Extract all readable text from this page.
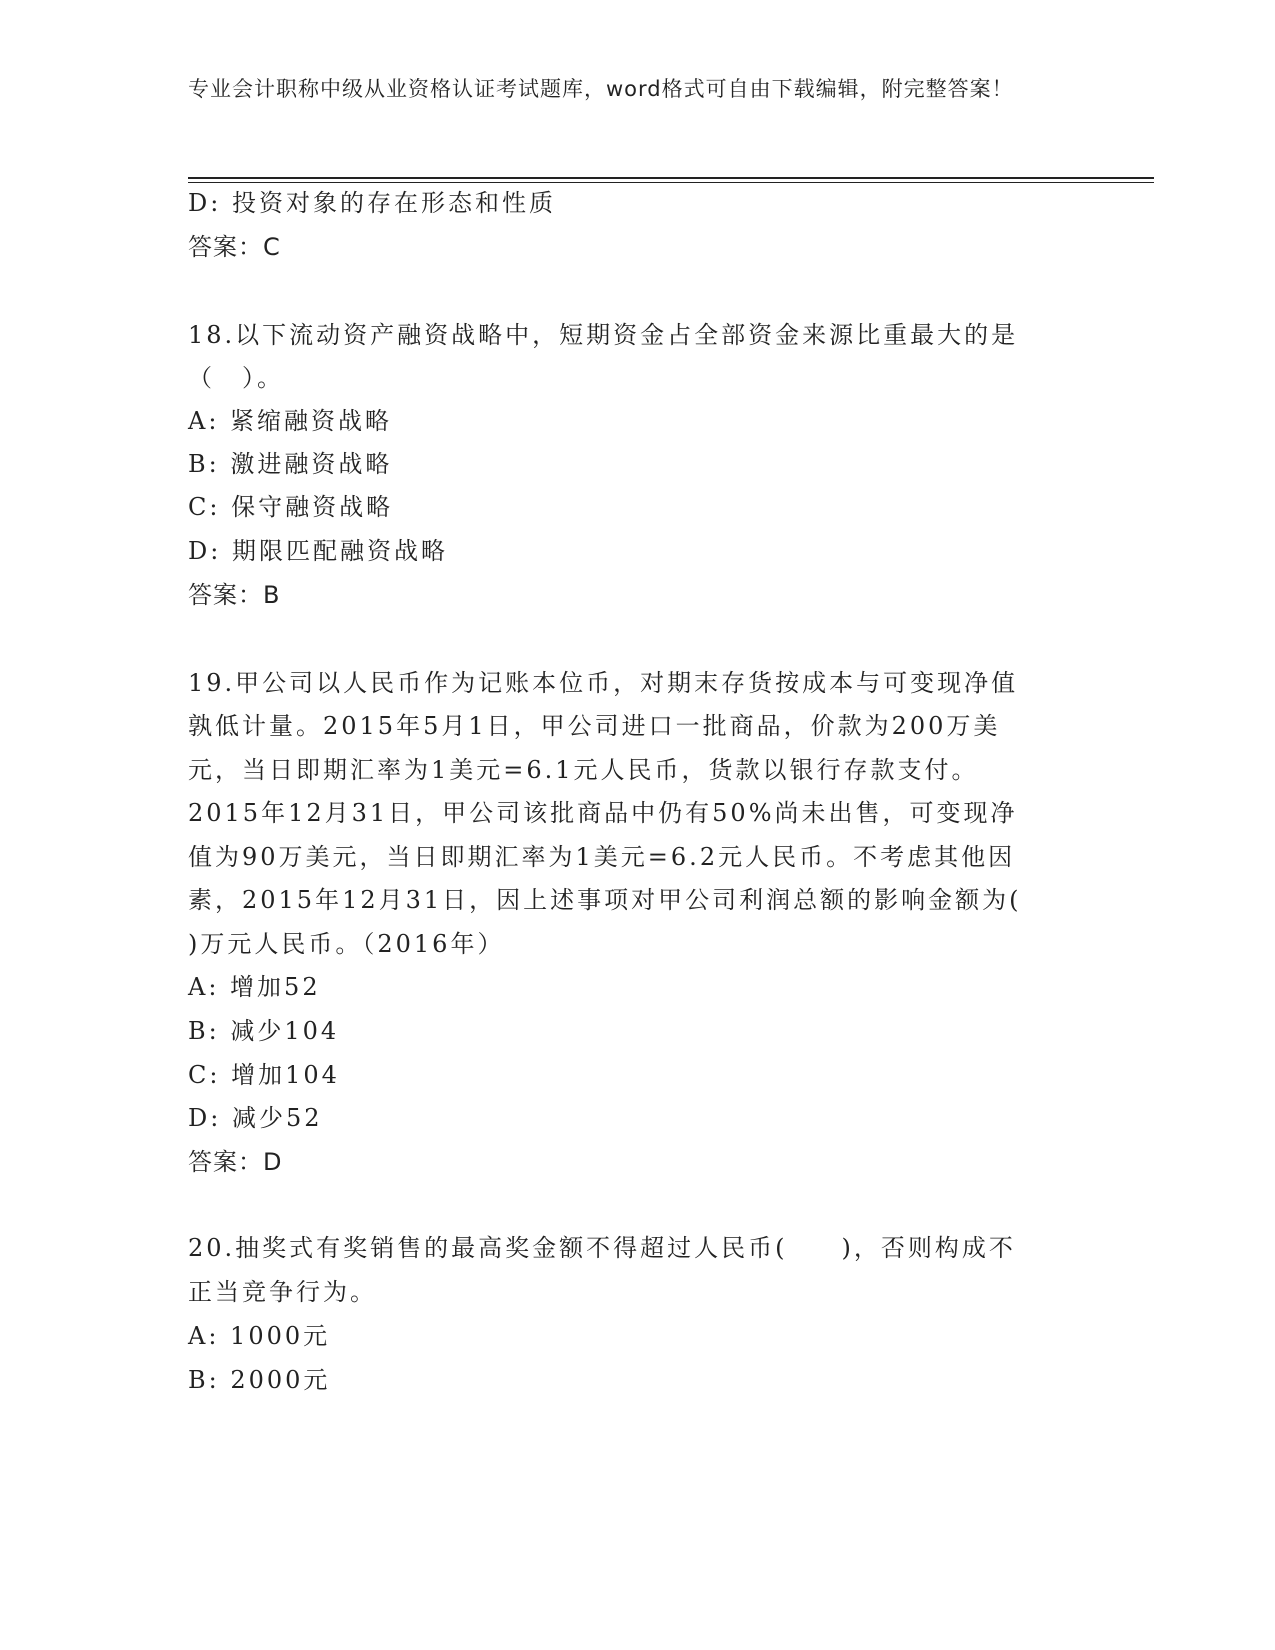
专业会计职称中级从业资格认证考试题库，word格式可自由下载编辑，附完整答案！
D: 投资对象的存在形态和性质
答案：C
18.以下流动资产融资战略中，短期资金占全部资金来源比重最大的是
（　）。
A: 紧缩融资战略
B: 激进融资战略
C: 保守融资战略
D: 期限匹配融资战略
答案：B
19.甲公司以人民币作为记账本位币，对期末存货按成本与可变现净值
孰低计量。2015年5月1日，甲公司进口一批商品，价款为200万美
元，当日即期汇率为1美元=6.1元人民币，货款以银行存款支付。
2015年12月31日，甲公司该批商品中仍有50%尚未出售，可变现净
值为90万美元，当日即期汇率为1美元=6.2元人民币。不考虑其他因
素，2015年12月31日，因上述事项对甲公司利润总额的影响金额为(
)万元人民币。（2016年）
A: 增加52
B: 减少104
C: 增加104
D: 减少52
答案：D
20.抽奖式有奖销售的最高奖金额不得超过人民币(　　)，否则构成不
正当竞争行为。
A: 1000元
B: 2000元
